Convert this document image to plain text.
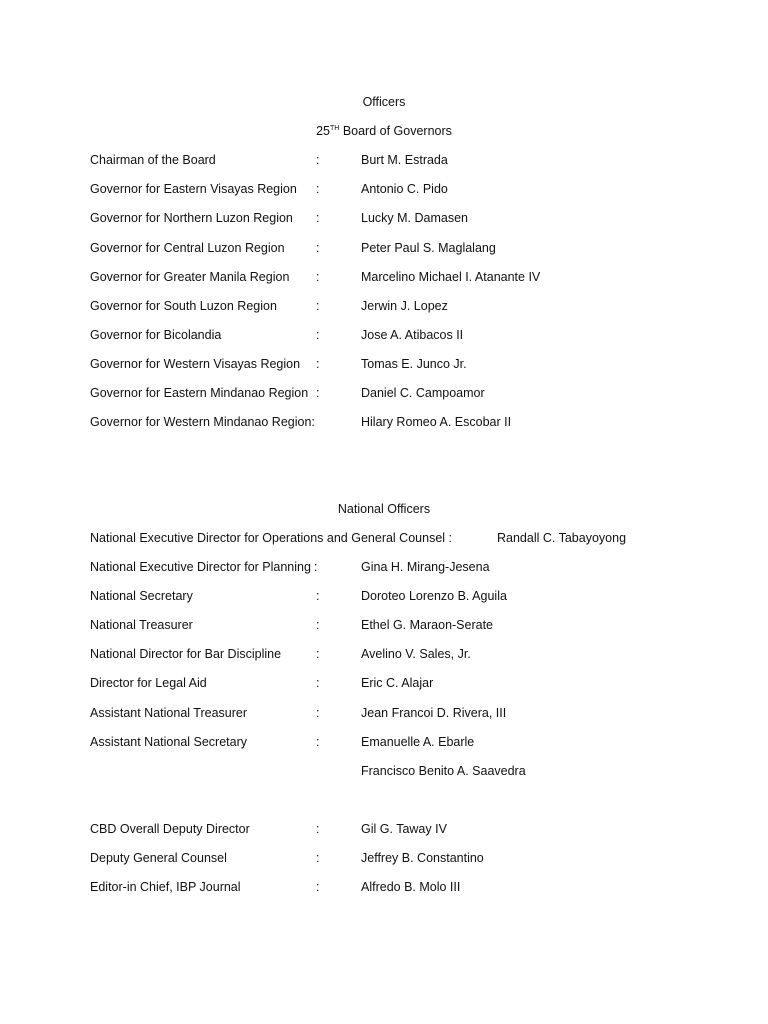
Officers
25TH Board of Governors
Chairman of the Board	:	Burt M. Estrada
Governor for Eastern Visayas Region :	Antonio C. Pido
Governor for Northern Luzon Region :	Lucky M. Damasen
Governor for Central Luzon Region	:	Peter Paul S. Maglalang
Governor for Greater Manila Region :	Marcelino Michael I. Atanante IV
Governor for South Luzon Region	:	Jerwin J. Lopez
Governor for Bicolandia	:	Jose A. Atibacos II
Governor for Western Visayas Region :	Tomas E. Junco Jr.
Governor for Eastern Mindanao Region :	Daniel C. Campoamor
Governor for Western Mindanao Region:	Hilary Romeo A. Escobar II
National Officers
National Executive Director for Operations and General Counsel :	Randall C. Tabayoyong
National Executive Director for Planning :	Gina H. Mirang-Jesena
National Secretary	:	Doroteo Lorenzo B. Aguila
National Treasurer	:	Ethel G. Maraon-Serate
National Director for Bar Discipline	:	Avelino V. Sales, Jr.
Director for Legal Aid	:	Eric C. Alajar
Assistant National Treasurer	:	Jean Francoi D. Rivera, III
Assistant National Secretary	:	Emanuelle A. Ebarle
Francisco Benito A. Saavedra
CBD Overall Deputy Director	:	Gil G. Taway IV
Deputy General Counsel	:	Jeffrey B. Constantino
Editor-in Chief, IBP Journal	:	Alfredo B. Molo III
